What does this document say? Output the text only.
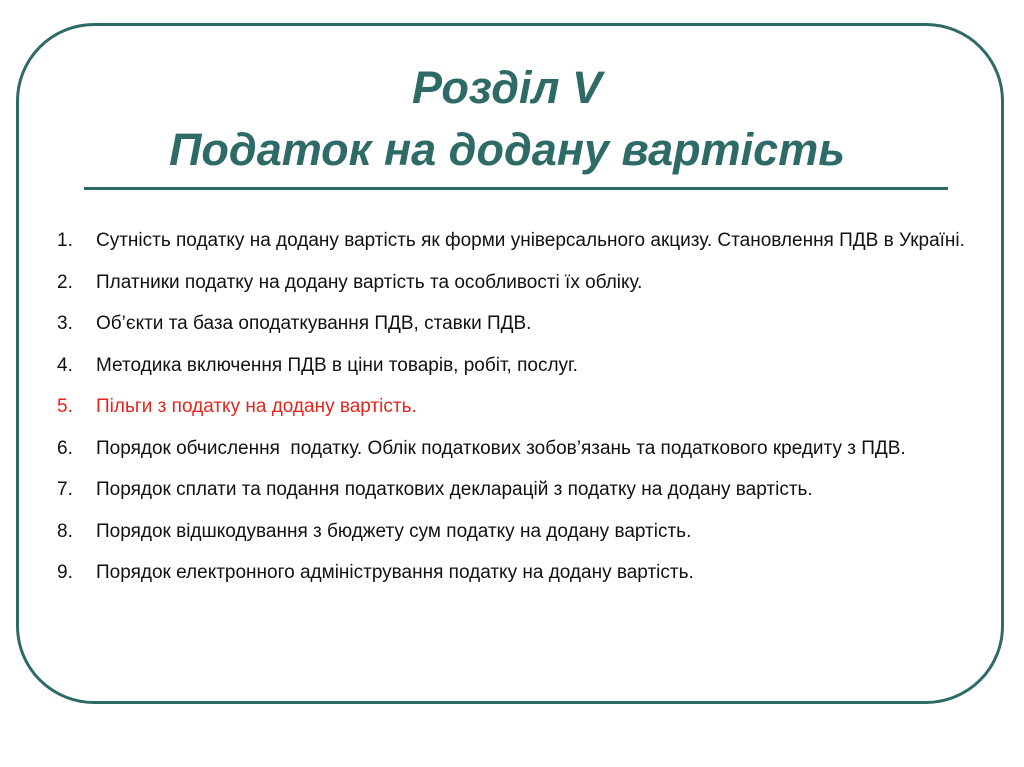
Розділ V
Податок на додану вартість
1. Сутність податку на додану вартість як форми універсального акцизу. Становлення ПДВ в Україні.
2. Платники податку на додану вартість та особливості їх обліку.
3. Об’єкти та база оподаткування ПДВ, ставки ПДВ.
4. Методика включення ПДВ в ціни товарів, робіт, послуг.
5. Пільги з податку на додану вартість.
6. Порядок обчислення  податку. Облік податкових зобов’язань та податкового кредиту з ПДВ.
7. Порядок сплати та подання податкових декларацій з податку на додану вартість.
8. Порядок відшкодування з бюджету сум податку на додану вартість.
9. Порядок електронного адміністрування податку на додану вартість.
